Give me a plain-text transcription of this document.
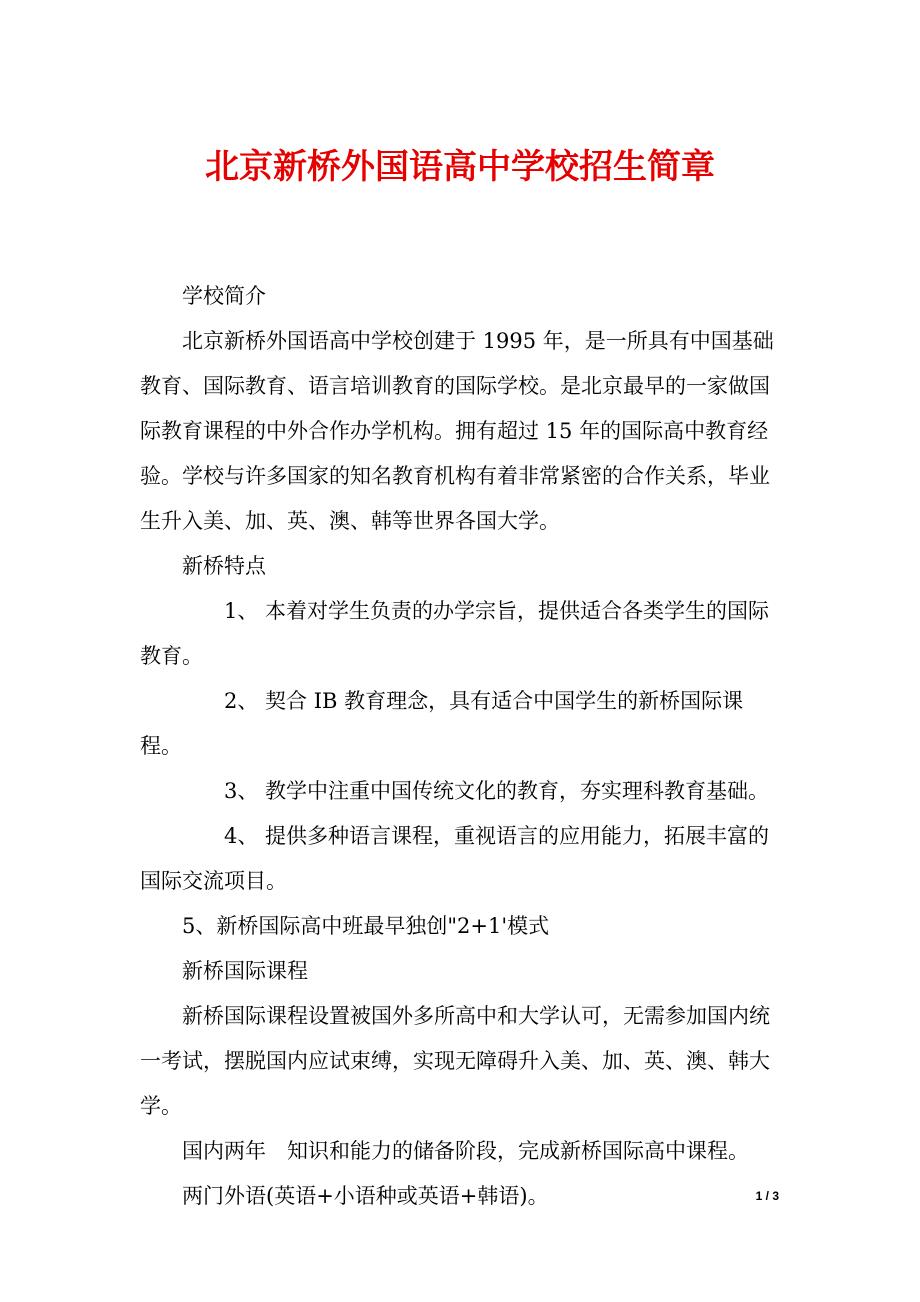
北京新桥外国语高中学校招生简章

学校简介

北京新桥外国语高中学校创建于 1995 年，是一所具有中国基础教育、国际教育、语言培训教育的国际学校。是北京最早的一家做国际教育课程的中外合作办学机构。拥有超过 15 年的国际高中教育经验。学校与许多国家的知名教育机构有着非常紧密的合作关系，毕业生升入美、加、英、澳、韩等世界各国大学。

新桥特点

1、 本着对学生负责的办学宗旨，提供适合各类学生的国际教育。

2、 契合 IB 教育理念，具有适合中国学生的新桥国际课程。

3、 教学中注重中国传统文化的教育，夯实理科教育基础。

4、 提供多种语言课程，重视语言的应用能力，拓展丰富的国际交流项目。

5、新桥国际高中班最早独创"2+1'模式

新桥国际课程

新桥国际课程设置被国外多所高中和大学认可，无需参加国内统一考试，摆脱国内应试束缚，实现无障碍升入美、加、英、澳、韩大学。

国内两年　知识和能力的储备阶段，完成新桥国际高中课程。

两门外语(英语+小语种或英语+韩语)。	1 / 3
